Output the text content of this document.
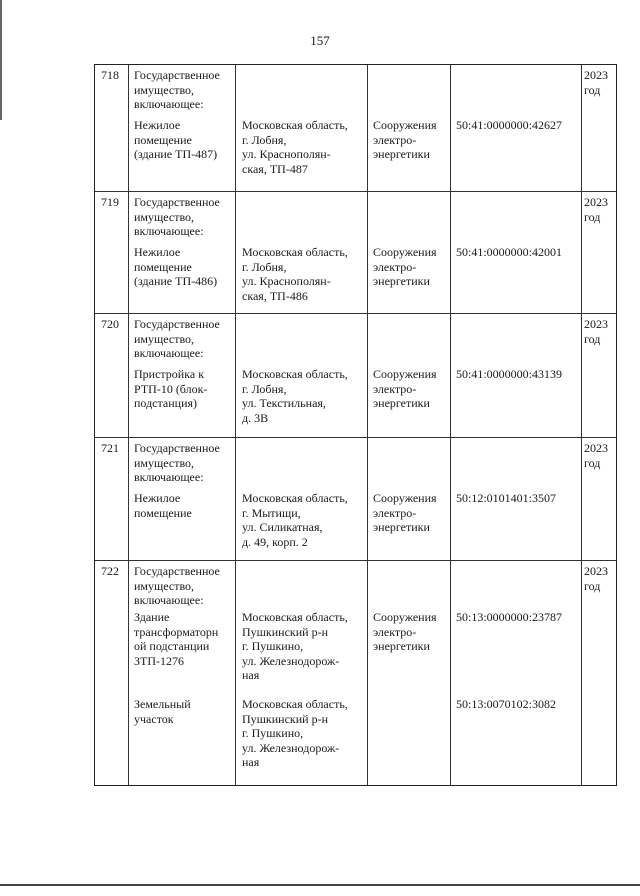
157
718 Государственное
имущество,
включающее:
Нежилое
помещение
(здание ТП-487)
Московская область,
г. Лобня,
ул. Краснополян-
ская, ТП-487
Сооружения
электро-
энергетики
50:41:0000000:42627
2023
год
719 Государственное
имущество,
включающее:
Нежилое
помещение
(здание ТП-486)
Московская область,
г. Лобня,
ул. Краснополян-
ская, ТП-486
Сооружения
электро-
энергетики
50:41:0000000:42001
2023
год
720 Государственное
имущество,
включающее:
Пристройка к
РТП-10 (блок-
подстанция)
Московская область,
г. Лобня,
ул. Текстильная,
д. 3В
Сооружения
электро-
энергетики
50:41:0000000:43139
2023
год
721 Государственное
имущество,
включающее:
Нежилое
помещение
Московская область,
г. Мытищи,
ул. Силикатная,
д. 49, корп. 2
Сооружения
электро-
энергетики
50:12:0101401:3507
2023
год
722 Государственное
имущество,
включающее:
Здание
трансформаторн
ой подстанции
ЗТП-1276
Московская область,
Пушкинский р-н
г. Пушкино,
ул. Железнодорож-
ная
Сооружения
электро-
энергетики
50:13:0000000:23787
2023
год
Земельный
участок
Московская область,
Пушкинский р-н
г. Пушкино,
ул. Железнодорож-
ная
50:13:0070102:3082
